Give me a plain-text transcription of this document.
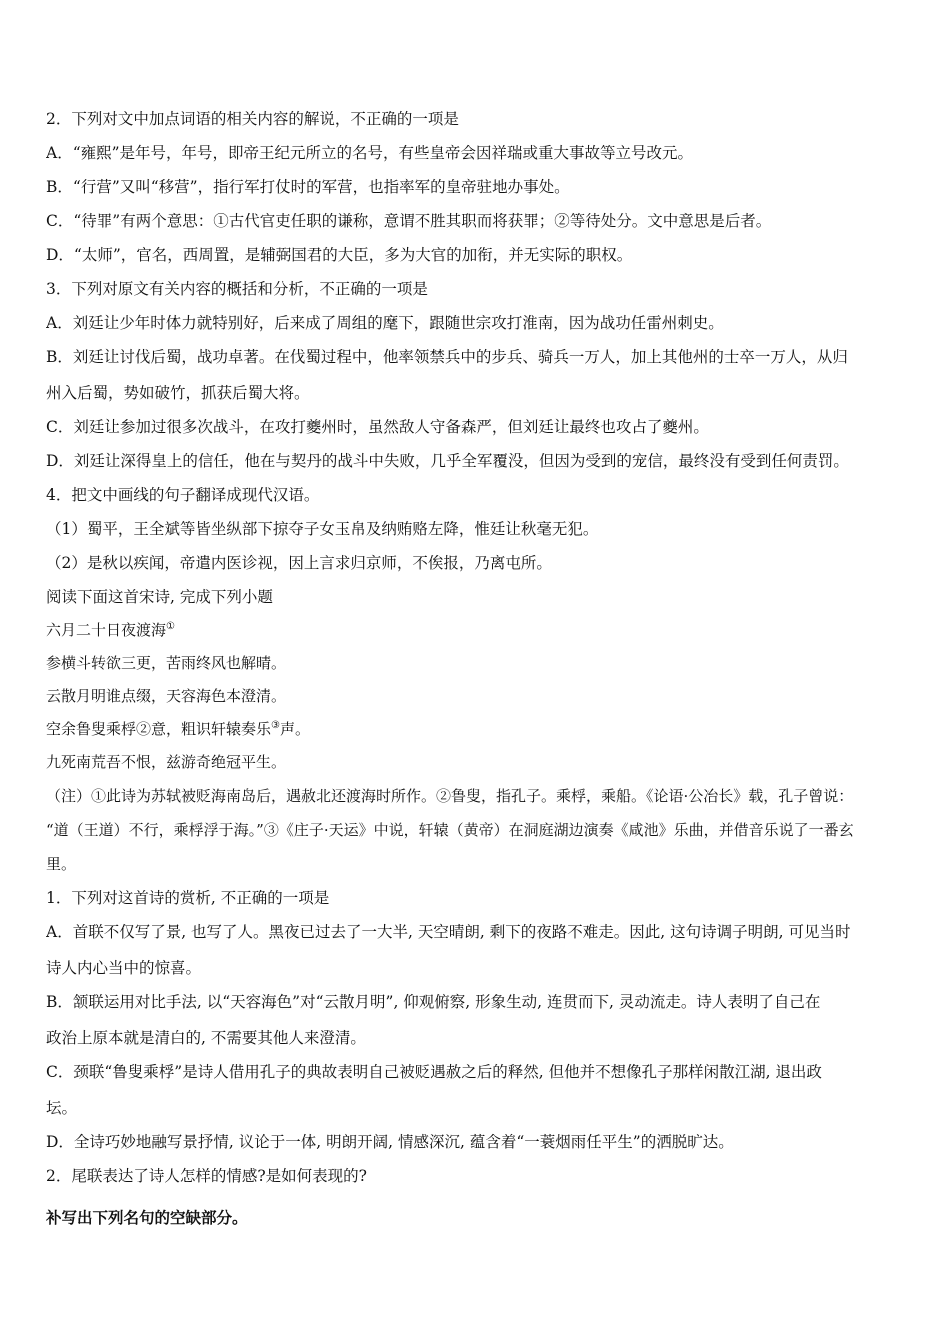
2．下列对文中加点词语的相关内容的解说，不正确的一项是
A．“雍熙”是年号，年号，即帝王纪元所立的名号，有些皇帝会因祥瑞或重大事故等立号改元。
B．“行营”又叫“移营”，指行军打仗时的军营，也指率军的皇帝驻地办事处。
C．“待罪”有两个意思：①古代官吏任职的谦称，意谓不胜其职而将获罪；②等待处分。文中意思是后者。
D．“太师”，官名，西周置，是辅弼国君的大臣，多为大官的加衔，并无实际的职权。
3．下列对原文有关内容的概括和分析，不正确的一项是
A．刘廷让少年时体力就特别好，后来成了周组的麾下，跟随世宗攻打淮南，因为战功任雷州刺史。
B．刘廷让讨伐后蜀，战功卓著。在伐蜀过程中，他率领禁兵中的步兵、骑兵一万人，加上其他州的士卒一万人，从归
州入后蜀，势如破竹，抓获后蜀大将。
C．刘廷让参加过很多次战斗，在攻打夔州时，虽然敌人守备森严，但刘廷让最终也攻占了夔州。
D．刘廷让深得皇上的信任，他在与契丹的战斗中失败，几乎全军覆没，但因为受到的宠信，最终没有受到任何责罚。
4．把文中画线的句子翻译成现代汉语。
（1）蜀平，王全斌等皆坐纵部下掠夺子女玉帛及纳贿赂左降，惟廷让秋毫无犯。
（2）是秋以疾闻，帝遣内医诊视，因上言求归京师，不俟报，乃离屯所。
阅读下面这首宋诗, 完成下列小题
六月二十日夜渡海①
参横斗转欲三更，苦雨终风也解晴。
云散月明谁点缀，天容海色本澄清。
空余鲁叟乘桴②意，粗识轩辕奏乐③声。
九死南荒吾不恨，兹游奇绝冠平生。
（注）①此诗为苏轼被贬海南岛后，遇赦北还渡海时所作。②鲁叟，指孔子。乘桴，乘船。《论语·公冶长》载，孔子曾说：
“道（王道）不行，乘桴浮于海。”③《庄子·天运》中说，轩辕（黄帝）在洞庭湖边演奏《咸池》乐曲，并借音乐说了一番玄
里。
1．下列对这首诗的赏析, 不正确的一项是
A．首联不仅写了景, 也写了人。黑夜已过去了一大半, 天空晴朗, 剩下的夜路不难走。因此, 这句诗调子明朗, 可见当时
诗人内心当中的惊喜。
B．颔联运用对比手法, 以“天容海色”对“云散月明”, 仰观俯察, 形象生动, 连贯而下, 灵动流走。诗人表明了自己在
政治上原本就是清白的, 不需要其他人来澄清。
C．颈联“鲁叟乘桴”是诗人借用孔子的典故表明自己被贬遇赦之后的释然, 但他并不想像孔子那样闲散江湖, 退出政
坛。
D．全诗巧妙地融写景抒情, 议论于一体, 明朗开阔, 情感深沉, 蕴含着“一蓑烟雨任平生”的洒脱旷达。
2．尾联表达了诗人怎样的情感?是如何表现的?
补写出下列名句的空缺部分。
